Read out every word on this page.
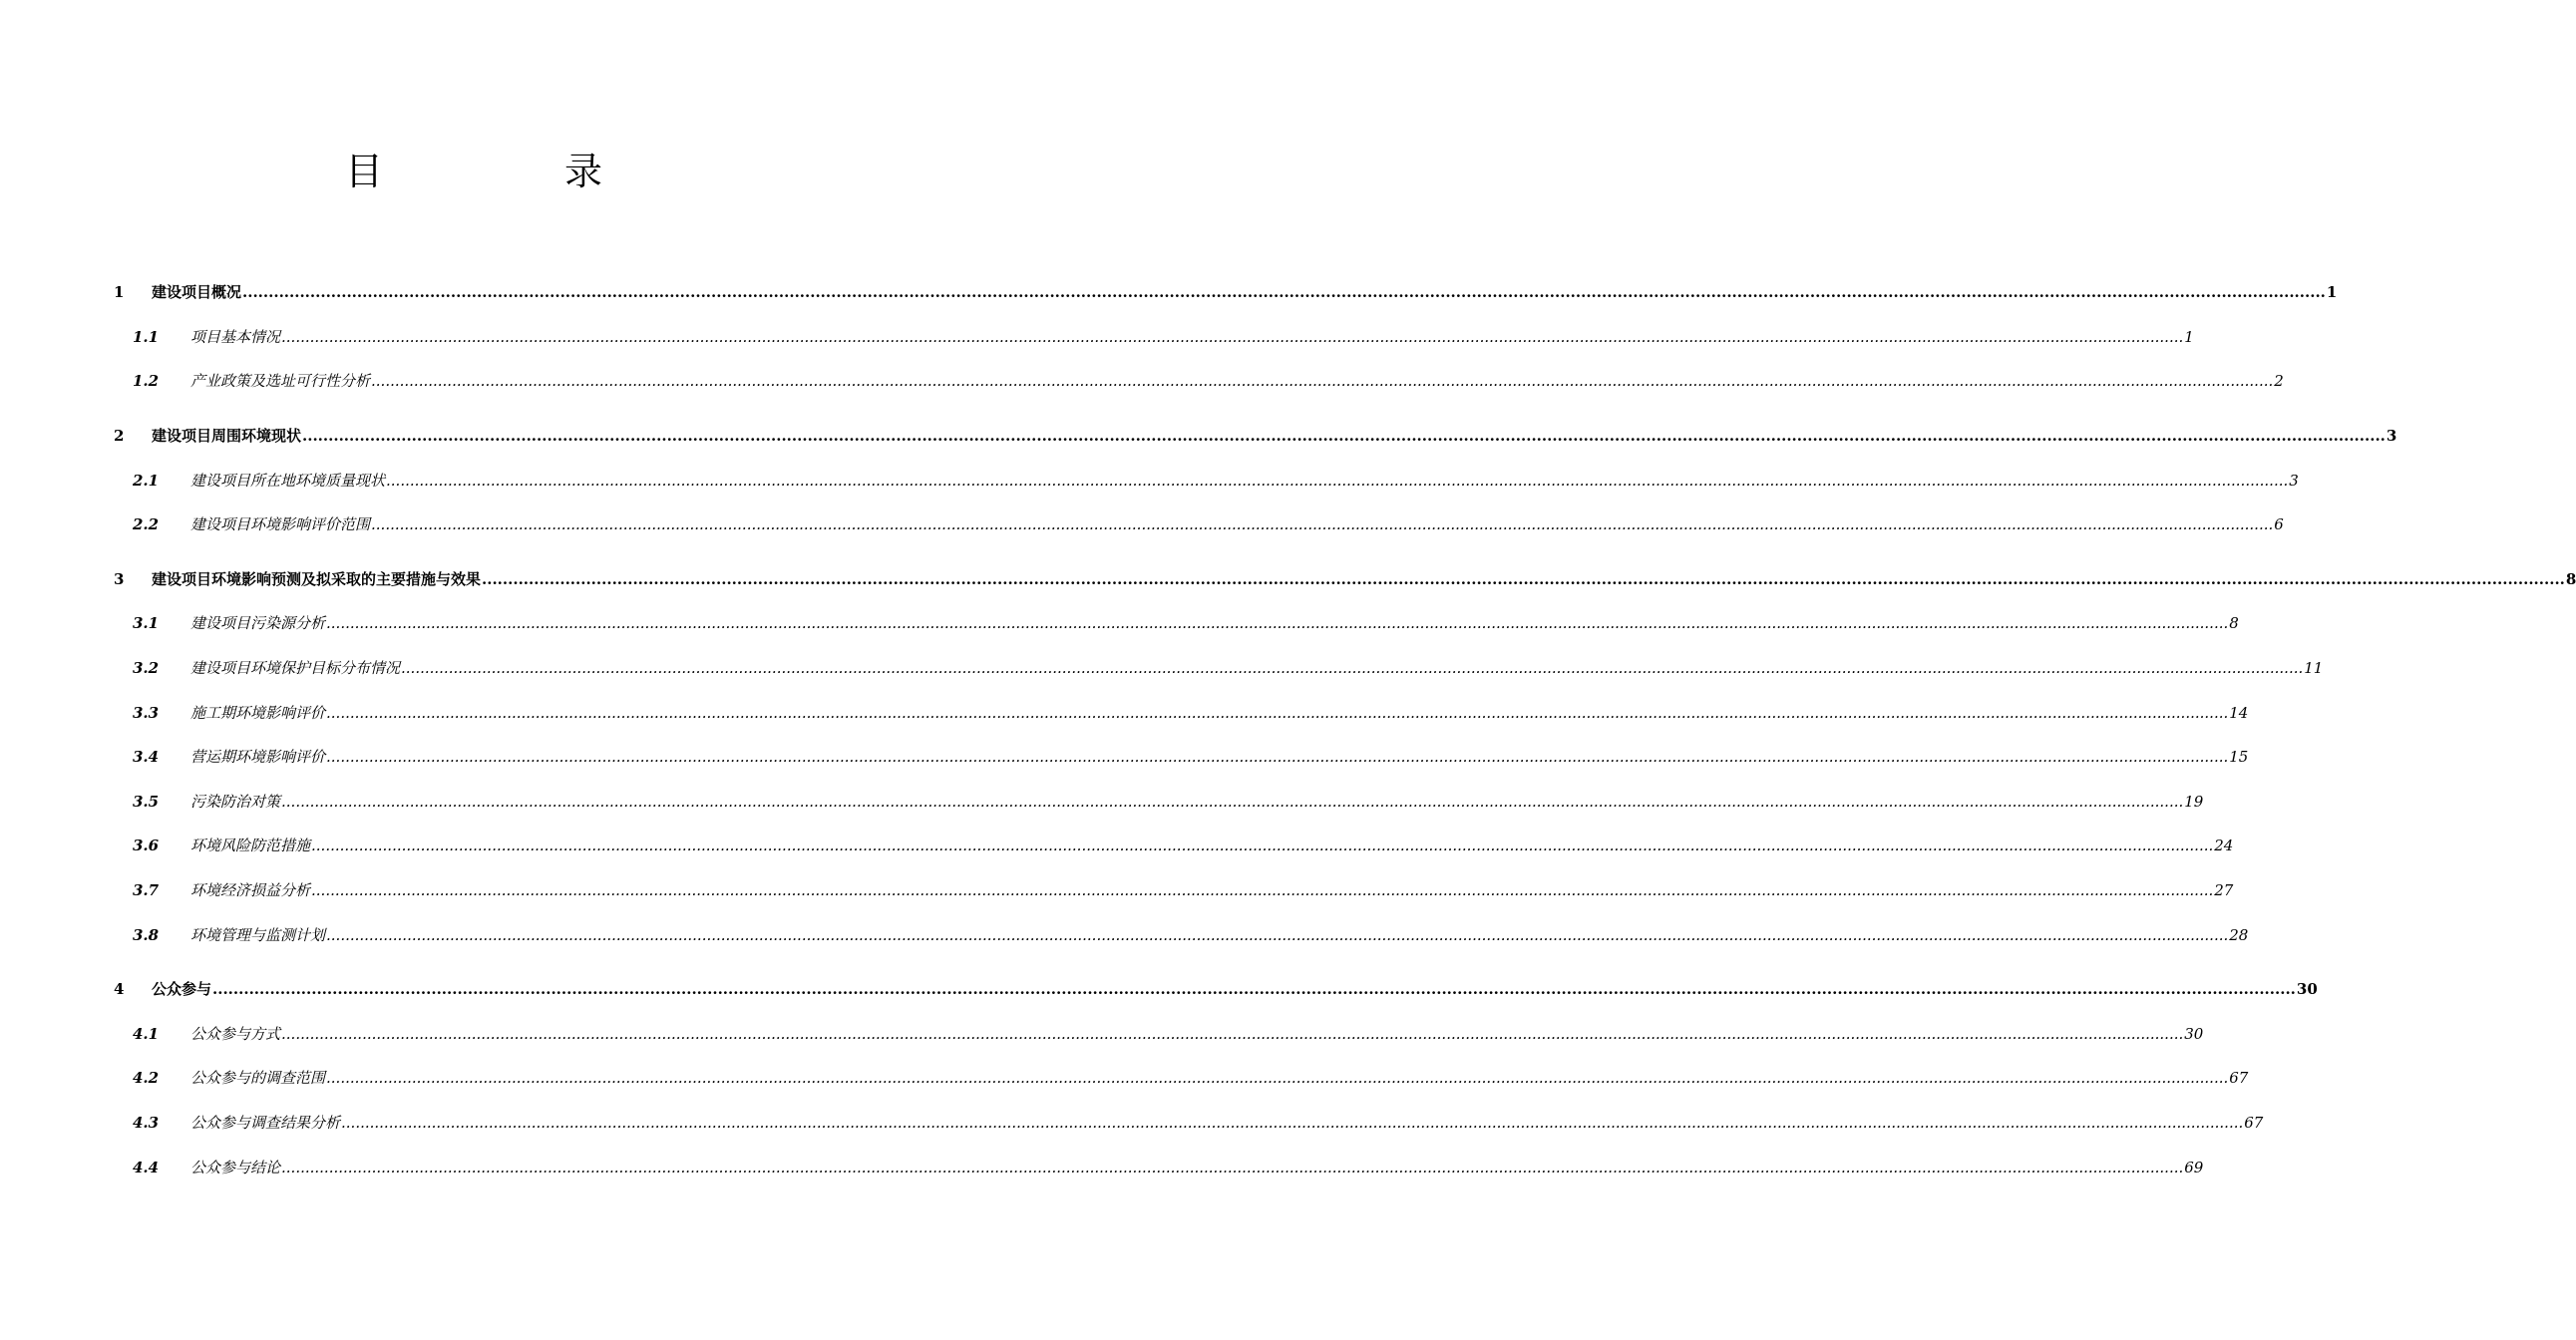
目　录
1 建设项目概况 ................................................................................................................................................................................................................................................................................................................................................................................................................ 1
1.1 项目基本情况 ................................................................................................................................................................................................................................................................................................................................................................................................................ 1
1.2 产业政策及选址可行性分析 ................................................................................................................................................................................................................................................................................................................................................................................................................ 2
2 建设项目周围环境现状 ................................................................................................................................................................................................................................................................................................................................................................................................................ 3
2.1 建设项目所在地环境质量现状 ................................................................................................................................................................................................................................................................................................................................................................................................................ 3
2.2 建设项目环境影响评价范围 ................................................................................................................................................................................................................................................................................................................................................................................................................ 6
3 建设项目环境影响预测及拟采取的主要措施与效果 ................................................................................................................................................................................................................................................................................................................................................................................................................ 8
3.1 建设项目污染源分析 ................................................................................................................................................................................................................................................................................................................................................................................................................ 8
3.2 建设项目环境保护目标分布情况 ................................................................................................................................................................................................................................................................................................................................................................................................................ 11
3.3 施工期环境影响评价 ................................................................................................................................................................................................................................................................................................................................................................................................................ 14
3.4 营运期环境影响评价 ................................................................................................................................................................................................................................................................................................................................................................................................................ 15
3.5 污染防治对策 ................................................................................................................................................................................................................................................................................................................................................................................................................ 19
3.6 环境风险防范措施 ................................................................................................................................................................................................................................................................................................................................................................................................................ 24
3.7 环境经济损益分析 ................................................................................................................................................................................................................................................................................................................................................................................................................ 27
3.8 环境管理与监测计划 ................................................................................................................................................................................................................................................................................................................................................................................................................ 28
4 公众参与 ................................................................................................................................................................................................................................................................................................................................................................................................................ 30
4.1 公众参与方式 ................................................................................................................................................................................................................................................................................................................................................................................................................ 30
4.2 公众参与的调查范围 ................................................................................................................................................................................................................................................................................................................................................................................................................ 67
4.3 公众参与调查结果分析 ................................................................................................................................................................................................................................................................................................................................................................................................................ 67
4.4 公众参与结论 ................................................................................................................................................................................................................................................................................................................................................................................................................ 69
